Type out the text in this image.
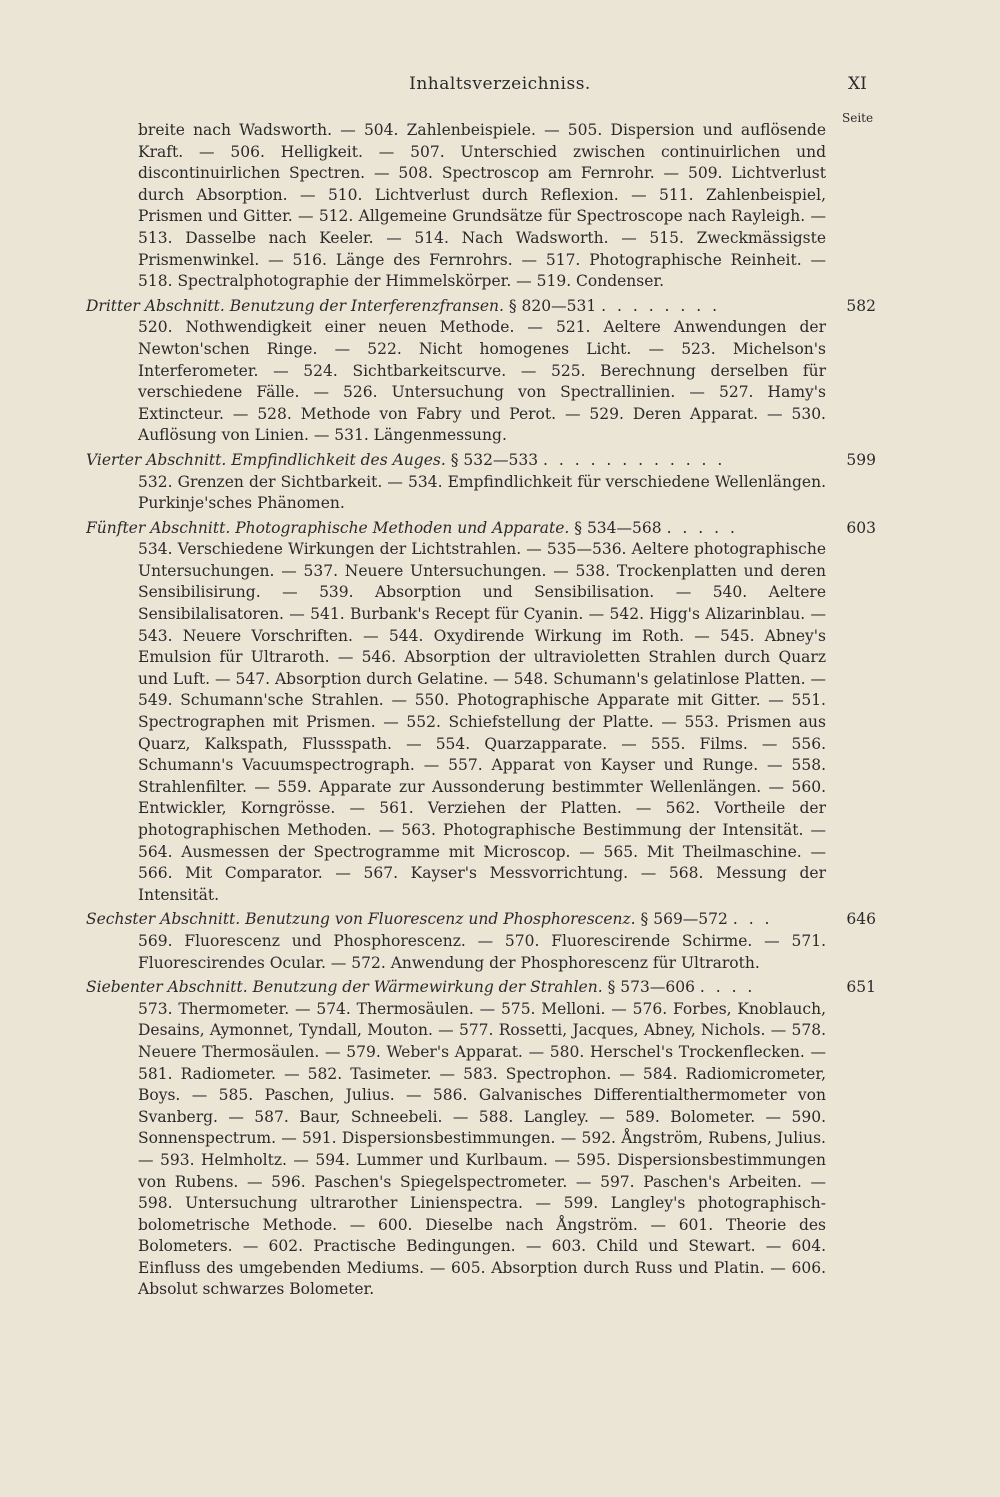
Inhaltsverzeichniss.	XI
Seite
breite nach Wadsworth. — 504. Zahlenbeispiele. — 505. Dispersion und auflösende Kraft. — 506. Helligkeit. — 507. Unterschied zwischen continuirlichen und discontinuirlichen Spectren. — 508. Spectroscop am Fernrohr. — 509. Lichtverlust durch Absorption. — 510. Lichtverlust durch Reflexion. — 511. Zahlenbeispiel, Prismen und Gitter. — 512. Allgemeine Grundsätze für Spectroscope nach Rayleigh. — 513. Dasselbe nach Keeler. — 514. Nach Wadsworth. — 515. Zweckmässigste Prismenwinkel. — 516. Länge des Fernrohrs. — 517. Photographische Reinheit. — 518. Spectralphotographie der Himmelskörper. — 519. Condenser.
Dritter Abschnitt. Benutzung der Interferenzfransen. § 820—531 . . . . . . . .	582
520. Nothwendigkeit einer neuen Methode. — 521. Aeltere Anwendungen der Newton'schen Ringe. — 522. Nicht homogenes Licht. — 523. Michelson's Interferometer. — 524. Sichtbarkeitscurve. — 525. Berechnung derselben für verschiedene Fälle. — 526. Untersuchung von Spectrallinien. — 527. Hamy's Extincteur. — 528. Methode von Fabry und Perot. — 529. Deren Apparat. — 530. Auflösung von Linien. — 531. Längenmessung.
Vierter Abschnitt. Empfindlichkeit des Auges. § 532—533 . . . . . . . . . . . .	599
532. Grenzen der Sichtbarkeit. — 534. Empfindlichkeit für verschiedene Wellenlängen. Purkinje'sches Phänomen.
Fünfter Abschnitt. Photographische Methoden und Apparate. § 534—568 . . . . .	603
534. Verschiedene Wirkungen der Lichtstrahlen. — 535—536. Aeltere photographische Untersuchungen. — 537. Neuere Untersuchungen. — 538. Trockenplatten und deren Sensibilisirung. — 539. Absorption und Sensibilisation. — 540. Aeltere Sensibilalisatoren. — 541. Burbank's Recept für Cyanin. — 542. Higg's Alizarinblau. — 543. Neuere Vorschriften. — 544. Oxydirende Wirkung im Roth. — 545. Abney's Emulsion für Ultraroth. — 546. Absorption der ultravioletten Strahlen durch Quarz und Luft. — 547. Absorption durch Gelatine. — 548. Schumann's gelatinlose Platten. — 549. Schumann'sche Strahlen. — 550. Photographische Apparate mit Gitter. — 551. Spectrographen mit Prismen. — 552. Schiefstellung der Platte. — 553. Prismen aus Quarz, Kalkspath, Flussspath. — 554. Quarzapparate. — 555. Films. — 556. Schumann's Vacuumspectrograph. — 557. Apparat von Kayser und Runge. — 558. Strahlenfilter. — 559. Apparate zur Aussonderung bestimmter Wellenlängen. — 560. Entwickler, Korngrösse. — 561. Verziehen der Platten. — 562. Vortheile der photographischen Methoden. — 563. Photographische Bestimmung der Intensität. — 564. Ausmessen der Spectrogramme mit Microscop. — 565. Mit Theilmaschine. — 566. Mit Comparator. — 567. Kayser's Messvorrichtung. — 568. Messung der Intensität.
Sechster Abschnitt. Benutzung von Fluorescenz und Phosphorescenz. § 569—572 . . .	646
569. Fluorescenz und Phosphorescenz. — 570. Fluorescirende Schirme. — 571. Fluorescirendes Ocular. — 572. Anwendung der Phosphorescenz für Ultraroth.
Siebenter Abschnitt. Benutzung der Wärmewirkung der Strahlen. § 573—606 . . . .	651
573. Thermometer. — 574. Thermosäulen. — 575. Melloni. — 576. Forbes, Knoblauch, Desains, Aymonnet, Tyndall, Mouton. — 577. Rossetti, Jacques, Abney, Nichols. — 578. Neuere Thermosäulen. — 579. Weber's Apparat. — 580. Herschel's Trockenflecken. — 581. Radiometer. — 582. Tasimeter. — 583. Spectrophon. — 584. Radiomicrometer, Boys. — 585. Paschen, Julius. — 586. Galvanisches Differentialthermometer von Svanberg. — 587. Baur, Schneebeli. — 588. Langley. — 589. Bolometer. — 590. Sonnenspectrum. — 591. Dispersionsbestimmungen. — 592. Ångström, Rubens, Julius. — 593. Helmholtz. — 594. Lummer und Kurlbaum. — 595. Dispersionsbestimmungen von Rubens. — 596. Paschen's Spiegelspectrometer. — 597. Paschen's Arbeiten. — 598. Untersuchung ultrarother Linienspectra. — 599. Langley's photographisch-bolometrische Methode. — 600. Dieselbe nach Ångström. — 601. Theorie des Bolometers. — 602. Practische Bedingungen. — 603. Child und Stewart. — 604. Einfluss des umgebenden Mediums. — 605. Absorption durch Russ und Platin. — 606. Absolut schwarzes Bolometer.
